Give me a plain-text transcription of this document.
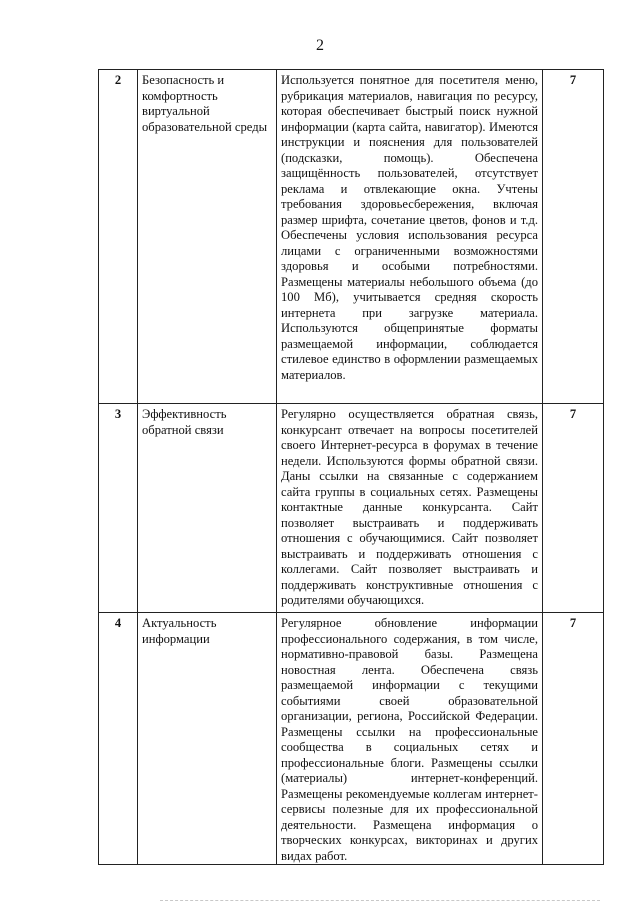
2
2	Безопасность и комфортность виртуальной образовательной среды	Используется понятное для посетителя меню, рубрикация материалов, навигация по ресурсу, которая обеспечивает быстрый поиск нужной информации (карта сайта, навигатор). Имеются инструкции и пояснения для пользователей (подсказки, помощь). Обеспечена защищённость пользователей, отсутствует реклама и отвлекающие окна. Учтены требования здоровьесбережения, включая размер шрифта, сочетание цветов, фонов и т.д. Обеспечены условия использования ресурса лицами с ограниченными возможностями здоровья и особыми потребностями. Размещены материалы небольшого объема (до 100 Мб), учитывается средняя скорость интернета при загрузке материала. Используются общепринятые форматы размещаемой информации, соблюдается стилевое единство в оформлении размещаемых материалов.	7
3	Эффективность обратной связи	Регулярно осуществляется обратная связь, конкурсант отвечает на вопросы посетителей своего Интернет-ресурса в форумах в течение недели. Используются формы обратной связи. Даны ссылки на связанные с содержанием сайта группы в социальных сетях. Размещены контактные данные конкурсанта. Сайт позволяет выстраивать и поддерживать отношения с обучающимися. Сайт позволяет выстраивать и поддерживать отношения с коллегами. Сайт позволяет выстраивать и поддерживать конструктивные отношения с родителями обучающихся.	7
4	Актуальность информации	Регулярное обновление информации профессионального содержания, в том числе, нормативно-правовой базы. Размещена новостная лента. Обеспечена связь размещаемой информации с текущими событиями своей образовательной организации, региона, Российской Федерации. Размещены ссылки на профессиональные сообщества в социальных сетях и профессиональные блоги. Размещены ссылки (материалы) интернет-конференций. Размещены рекомендуемые коллегам интернет-сервисы полезные для их профессиональной деятельности. Размещена информация о творческих конкурсах, викторинах и других видах работ.	7
